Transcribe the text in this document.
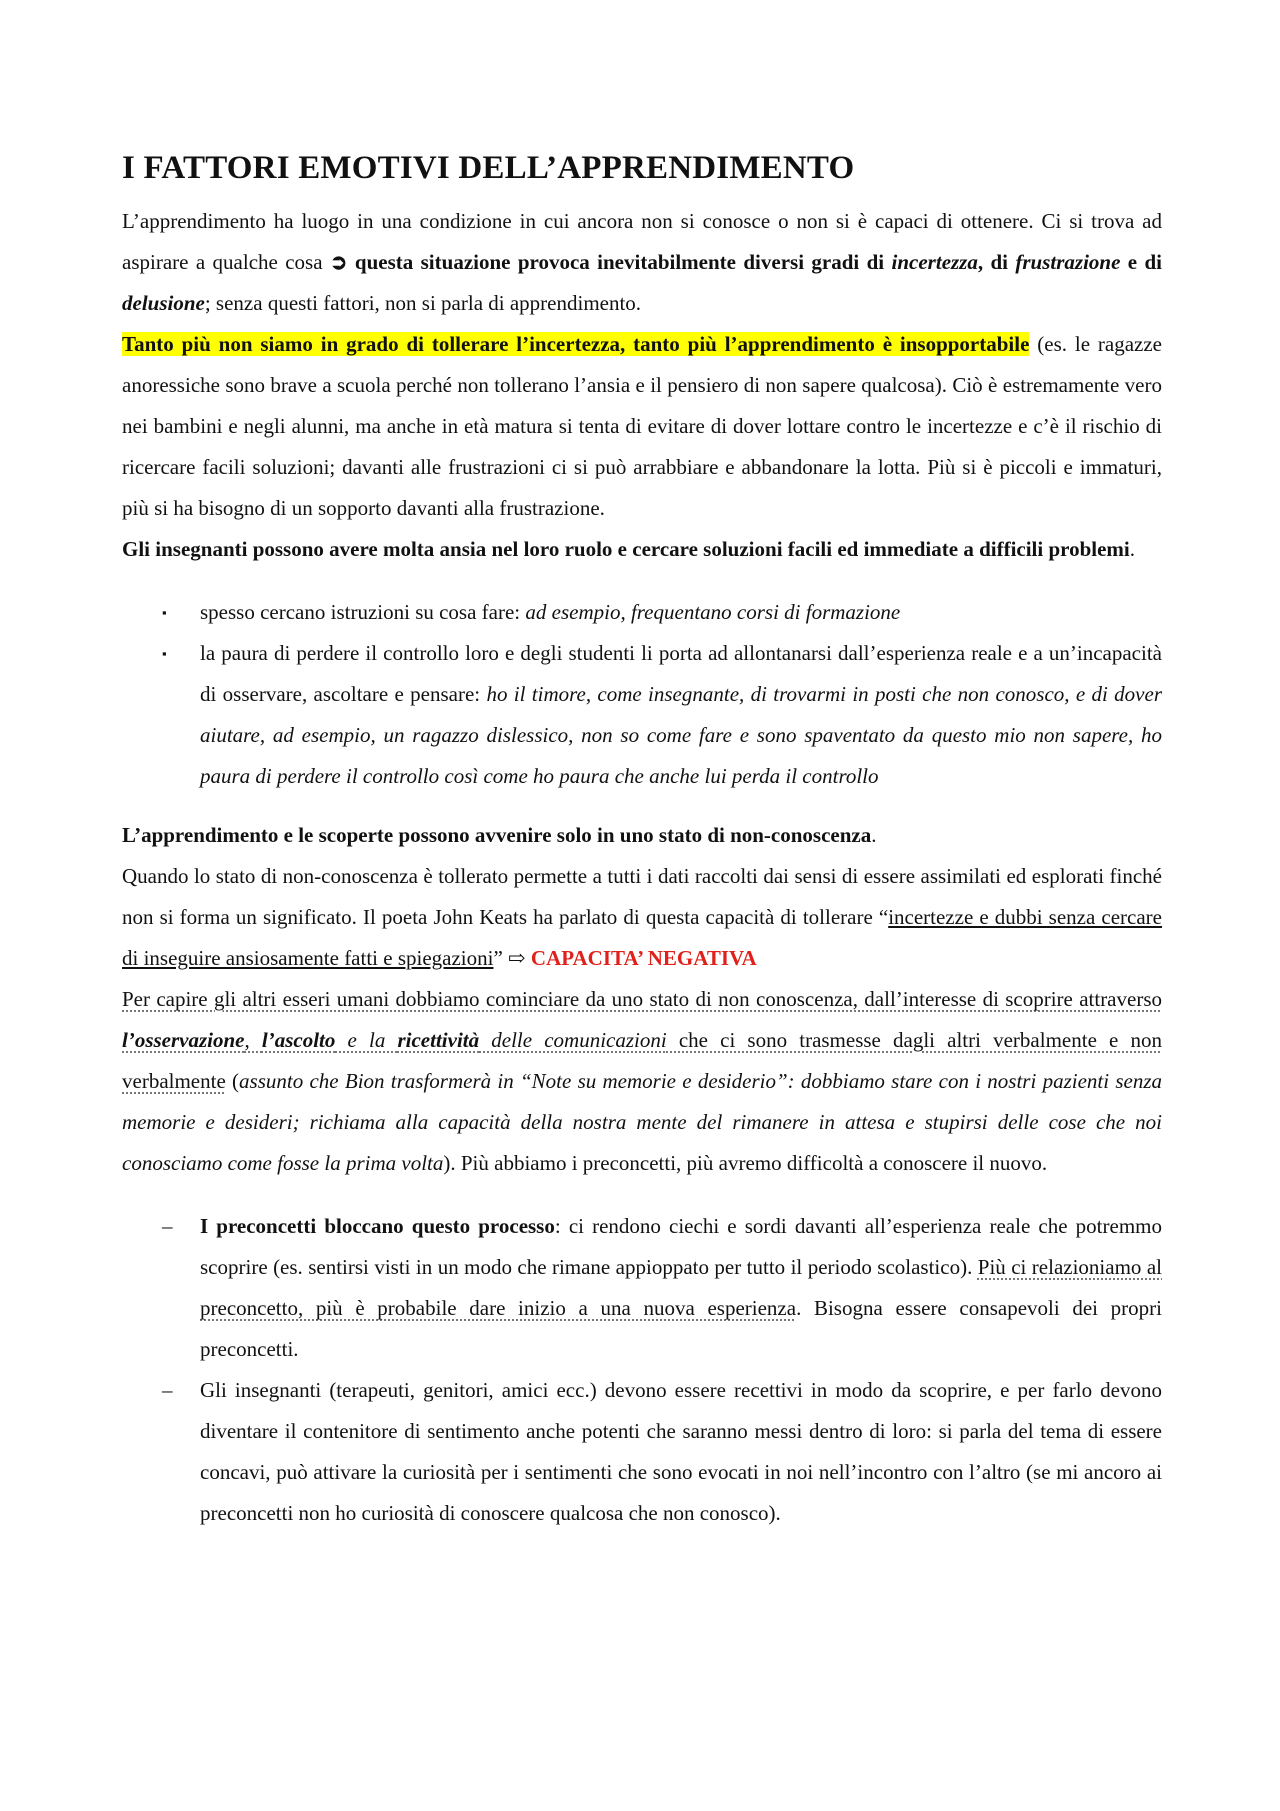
I FATTORI EMOTIVI DELL’APPRENDIMENTO

L’apprendimento ha luogo in una condizione in cui ancora non si conosce o non si è capaci di ottenere. Ci si trova ad aspirare a qualche cosa ➲ questa situazione provoca inevitabilmente diversi gradi di incertezza, di frustrazione e di delusione; senza questi fattori, non si parla di apprendimento.

Tanto più non siamo in grado di tollerare l’incertezza, tanto più l’apprendimento è insopportabile (es. le ragazze anoressiche sono brave a scuola perché non tollerano l’ansia e il pensiero di non sapere qualcosa). Ciò è estremamente vero nei bambini e negli alunni, ma anche in età matura si tenta di evitare di dover lottare contro le incertezze e c’è il rischio di ricercare facili soluzioni; davanti alle frustrazioni ci si può arrabbiare e abbandonare la lotta. Più si è piccoli e immaturi, più si ha bisogno di un sopporto davanti alla frustrazione.

Gli insegnanti possono avere molta ansia nel loro ruolo e cercare soluzioni facili ed immediate a difficili problemi.

▪ spesso cercano istruzioni su cosa fare: ad esempio, frequentano corsi di formazione
▪ la paura di perdere il controllo loro e degli studenti li porta ad allontanarsi dall’esperienza reale e a un’incapacità di osservare, ascoltare e pensare: ho il timore, come insegnante, di trovarmi in posti che non conosco, e di dover aiutare, ad esempio, un ragazzo dislessico, non so come fare e sono spaventato da questo mio non sapere, ho paura di perdere il controllo così come ho paura che anche lui perda il controllo

L’apprendimento e le scoperte possono avvenire solo in uno stato di non-conoscenza.

Quando lo stato di non-conoscenza è tollerato permette a tutti i dati raccolti dai sensi di essere assimilati ed esplorati finché non si forma un significato. Il poeta John Keats ha parlato di questa capacità di tollerare “incertezze e dubbi senza cercare di inseguire ansiosamente fatti e spiegazioni” ⇨ CAPACITA’ NEGATIVA

Per capire gli altri esseri umani dobbiamo cominciare da uno stato di non conoscenza, dall’interesse di scoprire attraverso l’osservazione, l’ascolto e la ricettività delle comunicazioni che ci sono trasmesse dagli altri verbalmente e non verbalmente (assunto che Bion trasformerà in “Note su memorie e desiderio”: dobbiamo stare con i nostri pazienti senza memorie e desideri; richiama alla capacità della nostra mente del rimanere in attesa e stupirsi delle cose che noi conosciamo come fosse la prima volta). Più abbiamo i preconcetti, più avremo difficoltà a conoscere il nuovo.

– I preconcetti bloccano questo processo: ci rendono ciechi e sordi davanti all’esperienza reale che potremmo scoprire (es. sentirsi visti in un modo che rimane appioppato per tutto il periodo scolastico). Più ci relazioniamo al preconcetto, più è probabile dare inizio a una nuova esperienza. Bisogna essere consapevoli dei propri preconcetti.
– Gli insegnanti (terapeuti, genitori, amici ecc.) devono essere recettivi in modo da scoprire, e per farlo devono diventare il contenitore di sentimento anche potenti che saranno messi dentro di loro: si parla del tema di essere concavi, può attivare la curiosità per i sentimenti che sono evocati in noi nell’incontro con l’altro (se mi ancoro ai preconcetti non ho curiosità di conoscere qualcosa che non conosco).
